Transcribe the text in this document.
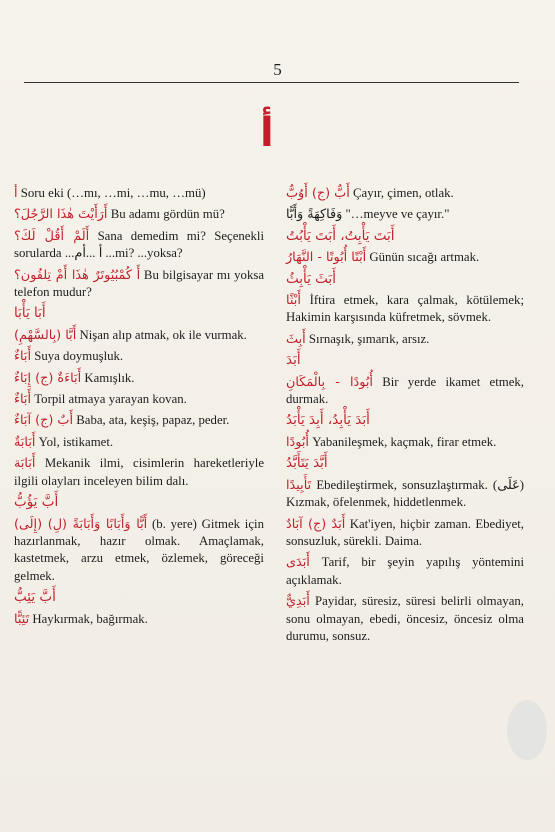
5
أ
أ Soru eki (…mı, …mi, …mu, …mü)
أَرَأَيْتَ هٰذَا الرَّجُلَ؟ Bu adamı gördün mü?
أَلَمْ أَقُلْ لَكَ؟ Sana demedim mi? Seçenekli sorularda ...أ ...أم ...mi? ...yoksa?
أَ كُمْبُيُوتَرٌ هٰذَا أَمْ تِلفُون؟ Bu bilgisayar mı yoksa telefon mudur?
أَبَا يَأْبَا
أَبَّا (بِالسَّهْمِ) Nişan alıp atmak, ok ile vurmak.
أَبَاءٌ Suya doymuşluk.
أَبَاءَةٌ (ج) إِبَاءٌ Kamışlık.
أَبَاءٌ Torpil atmaya yarayan kovan.
أَبٌ (ج) آبَاءٌ Baba, ata, keşiş, papaz, peder.
أَبَابَةٌ Yol, istikamet.
أَبَابَة Mekanik ilmi, cisimlerin hareketleriyle ilgili olayları inceleyen bilim dalı.
أَبَّ يَؤُبُّ
أَبًّا وَأَبَابًا وَأَبَابَةً (لِ) (إِلَى) (b. yere) Gitmek için hazırlanmak, hazır olmak. Amaçlamak, kastetmek, arzu etmek, özlemek, göreceği gelmek.
أَبَّ يَئِبُّ
تَئِبًّا Haykırmak, bağırmak.
أَبٌّ (ج) أَوُبٌّ Çayır, çimen, otlak.
وَفَاكِهَةً وَأَبًّا "…meyve ve çayır."
أَبَتَ يَأْبِتُ، أَبَتَ يَأْبُتُ
أَبْتًا أُبُوتًا - النَّهَارُ Günün sıcağı artmak.
أَبَثَ يَأْبِثُ
أَبْثًا İftira etmek, kara çalmak, kötülemek; Hakimin karşısında küfretmek, sövmek.
أَبِثَ Sırnaşık, şımarık, arsız.
أَبَدَ
أُبُودًا - بِالْمَكَانِ Bir yerde ikamet etmek, durmak.
أَبَدَ يَأْبِدُ، أَبِدَ يَأْبَدُ
أُبُودًا Yabanileşmek, kaçmak, firar etmek.
أَبَّدَ يَتَأَبَّدُ
تَأَبِيدًا Ebedileştirmek, sonsuzlaştırmak. (عَلَى) Kızmak, öfelenmek, hiddetlenmek.
أَبَدٌ (ج) آبَادٌ Kat'iyen, hiçbir zaman. Ebediyet, sonsuzluk, sürekli. Daima.
أَبَدَى Tarif, bir şeyin yapılış yöntemini açıklamak.
أَبَدِيٌّ Payidar, süresiz, süresi belirli olmayan, sonu olmayan, ebedi, öncesiz, öncesiz olma durumu, sonsuz.
